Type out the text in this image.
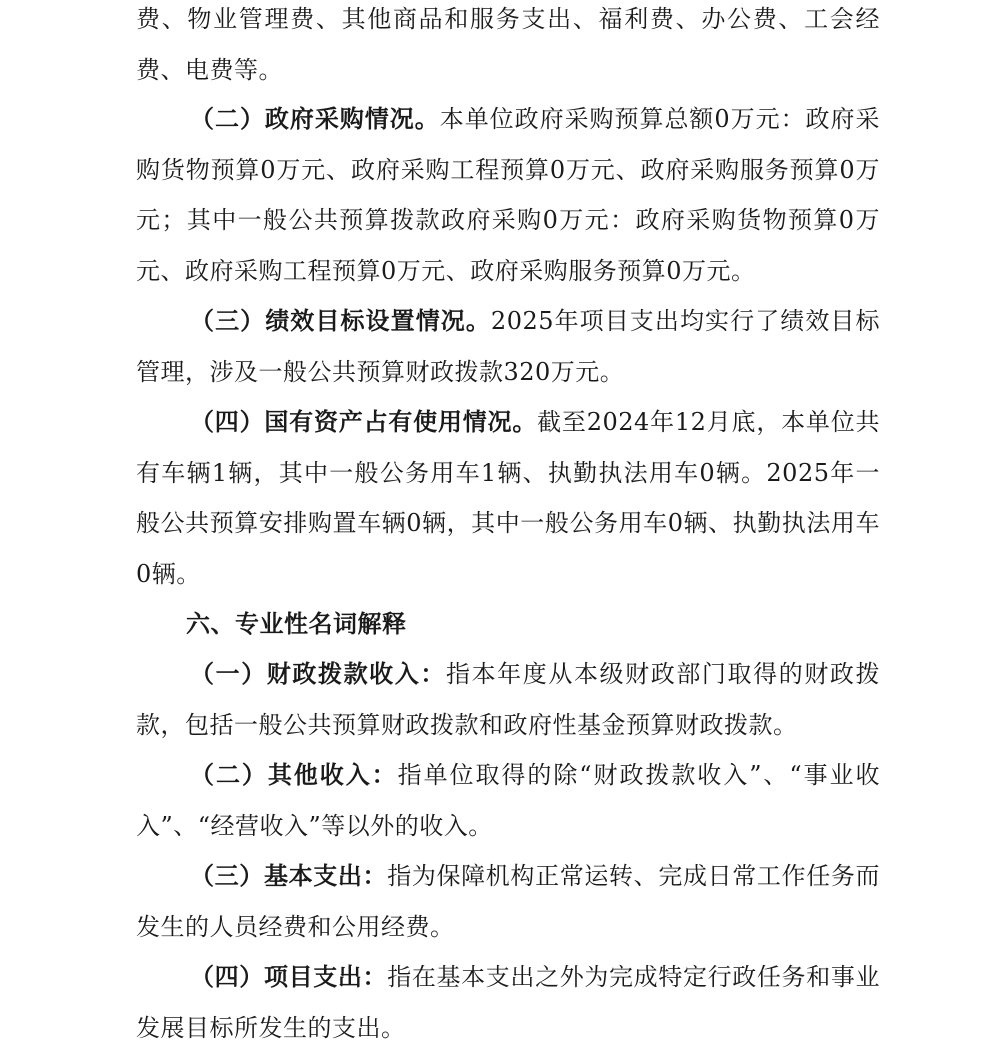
费、物业管理费、其他商品和服务支出、福利费、办公费、工会经费、电费等。

（二）政府采购情况。本单位政府采购预算总额0万元：政府采购货物预算0万元、政府采购工程预算0万元、政府采购服务预算0万元；其中一般公共预算拨款政府采购0万元：政府采购货物预算0万元、政府采购工程预算0万元、政府采购服务预算0万元。

（三）绩效目标设置情况。2025年项目支出均实行了绩效目标管理，涉及一般公共预算财政拨款320万元。

（四）国有资产占有使用情况。截至2024年12月底，本单位共有车辆1辆，其中一般公务用车1辆、执勤执法用车0辆。2025年一般公共预算安排购置车辆0辆，其中一般公务用车0辆、执勤执法用车0辆。

六、专业性名词解释

（一）财政拨款收入：指本年度从本级财政部门取得的财政拨款，包括一般公共预算财政拨款和政府性基金预算财政拨款。

（二）其他收入：指单位取得的除“财政拨款收入”、“事业收入”、“经营收入”等以外的收入。

（三）基本支出：指为保障机构正常运转、完成日常工作任务而发生的人员经费和公用经费。

（四）项目支出：指在基本支出之外为完成特定行政任务和事业发展目标所发生的支出。
